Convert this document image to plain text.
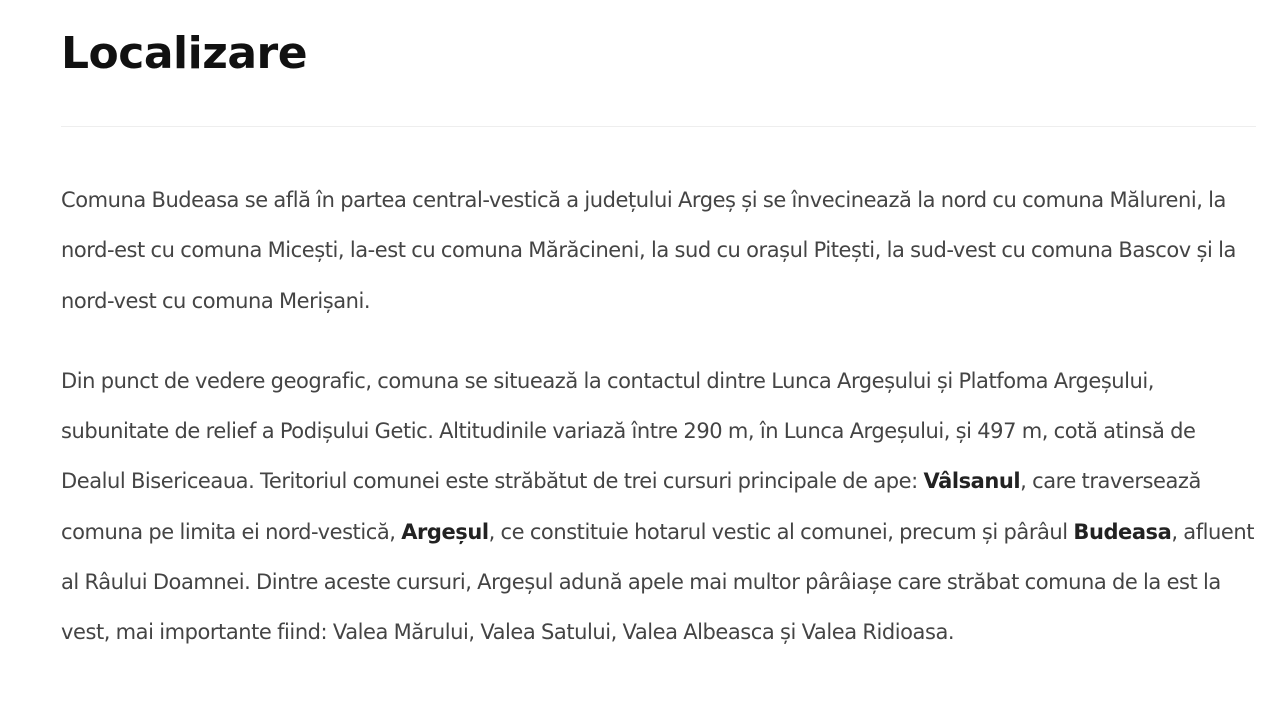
Localizare

Comuna Budeasa se află în partea central-vestică a județului Argeș și se învecinează la nord cu comuna Mălureni, la nord-est cu comuna Micești, la-est cu comuna Mărăcineni, la sud cu orașul Pitești, la sud-vest cu comuna Bascov și la nord-vest cu comuna Merișani.

Din punct de vedere geografic, comuna se situează la contactul dintre Lunca Argeșului și Platfoma Argeșului, subunitate de relief a Podișului Getic. Altitudinile variază între 290 m, în Lunca Argeșului, și 497 m, cotă atinsă de Dealul Bisericeaua. Teritoriul comunei este străbătut de trei cursuri principale de ape: Vâlsanul, care traversează comuna pe limita ei nord-vestică, Argeșul, ce constituie hotarul vestic al comunei, precum și pârâul Budeasa, afluent al Râului Doamnei. Dintre aceste cursuri, Argeșul adună apele mai multor pârâiașe care străbat comuna de la est la vest, mai importante fiind: Valea Mărului, Valea Satului, Valea Albeasca și Valea Ridioasa.
